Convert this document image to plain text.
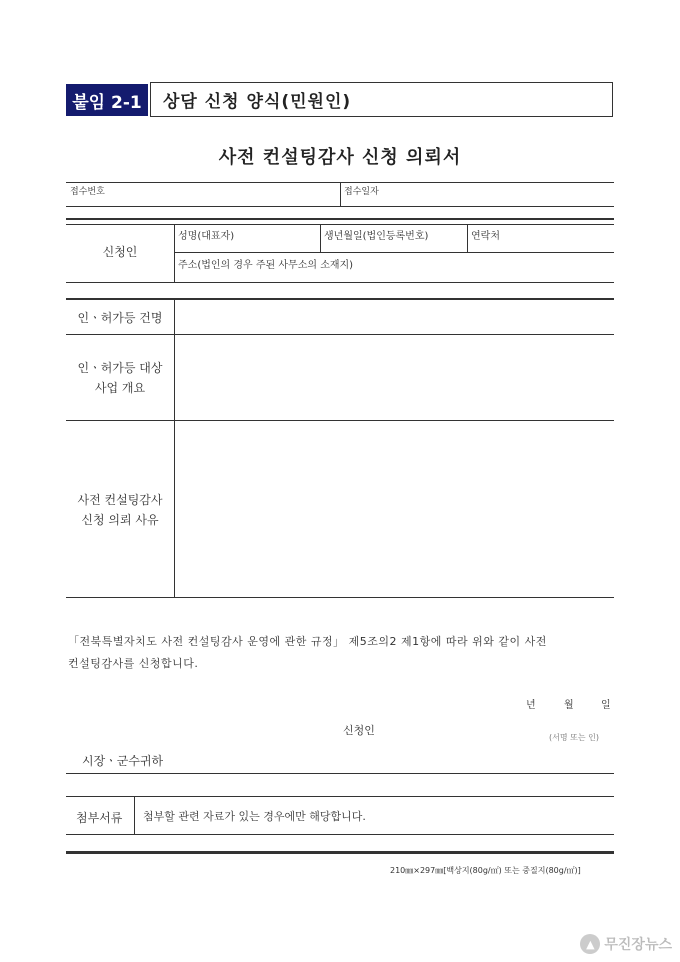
붙임 2-1	상담 신청 양식(민원인)
사전 컨설팅감사 신청 의뢰서
접수번호	접수일자
신청인
성명(대표자)	생년월일(법인등록번호)	연락처
주소(법인의 경우 주된 사무소의 소재지)
인ㆍ허가등 건명
인ㆍ허가등 대상
사업 개요
사전 컨설팅감사
신청 의뢰 사유
「전북특별자치도 사전 컨설팅감사 운영에 관한 규정」 제5조의2 제1항에 따라 위와 같이 사전
컨설팅감사를 신청합니다.
년	월	일
신청인
(서명 또는 인)
시장ㆍ군수귀하
첨부서류 첨부할 관련 자료가 있는 경우에만 해당합니다.
210㎜×297㎜[백상지(80g/㎡) 또는 중질지(80g/㎡)]
▲ 무진장뉴스
